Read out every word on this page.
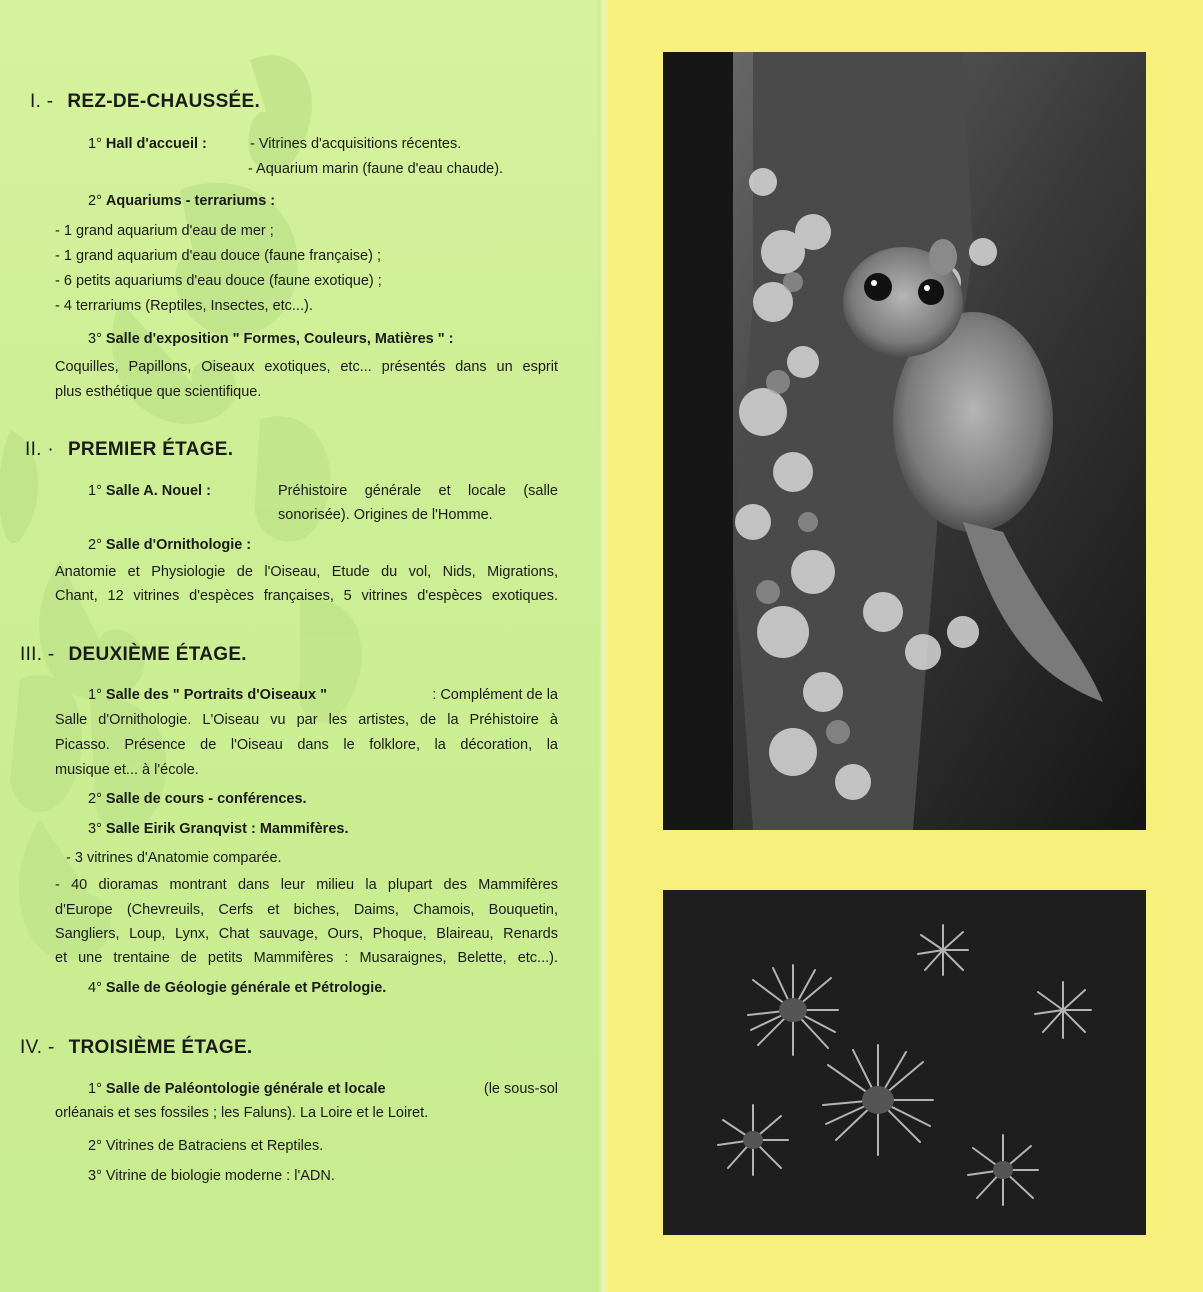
I. - REZ-DE-CHAUSSÉE.
1° Hall d'accueil :	- Vitrines d'acquisitions récentes.
- Aquarium marin (faune d'eau chaude).
2° Aquariums - terrariums :
- 1 grand aquarium d'eau de mer ;
- 1 grand aquarium d'eau douce (faune française) ;
- 6 petits aquariums d'eau douce (faune exotique) ;
- 4 terrariums (Reptiles, Insectes, etc...).
3° Salle d'exposition " Formes, Couleurs, Matières " :
Coquilles, Papillons, Oiseaux exotiques, etc... présentés dans un esprit
plus esthétique que scientifique.
II. · PREMIER ÉTAGE.
1° Salle A. Nouel :	Préhistoire générale et locale (salle
sonorisée). Origines de l'Homme.
2° Salle d'Ornithologie :
Anatomie et Physiologie de l'Oiseau, Etude du vol, Nids, Migrations,
Chant, 12 vitrines d'espèces françaises, 5 vitrines d'espèces exotiques.
III. - DEUXIÈME ÉTAGE.
1° Salle des " Portraits d'Oiseaux "	: Complément de la
Salle d'Ornithologie. L'Oiseau vu par les artistes, de la Préhistoire à
Picasso. Présence de l'Oiseau dans le folklore, la décoration, la
musique et... à l'école.
2° Salle de cours - conférences.
3° Salle Eirik Granqvist : Mammifères.
- 3 vitrines d'Anatomie comparée.
- 40 dioramas montrant dans leur milieu la plupart des Mammifères
d'Europe (Chevreuils, Cerfs et biches, Daims, Chamois, Bouquetin,
Sangliers, Loup, Lynx, Chat sauvage, Ours, Phoque, Blaireau, Renards
et une trentaine de petits Mammifères : Musaraignes, Belette, etc...).
4° Salle de Géologie générale et Pétrologie.
IV. - TROISIÈME ÉTAGE.
1° Salle de Paléontologie générale et locale	(le sous-sol
orléanais et ses fossiles ; les Faluns). La Loire et le Loiret.
2° Vitrines de Batraciens et Reptiles.
3° Vitrine de biologie moderne : l'ADN.
